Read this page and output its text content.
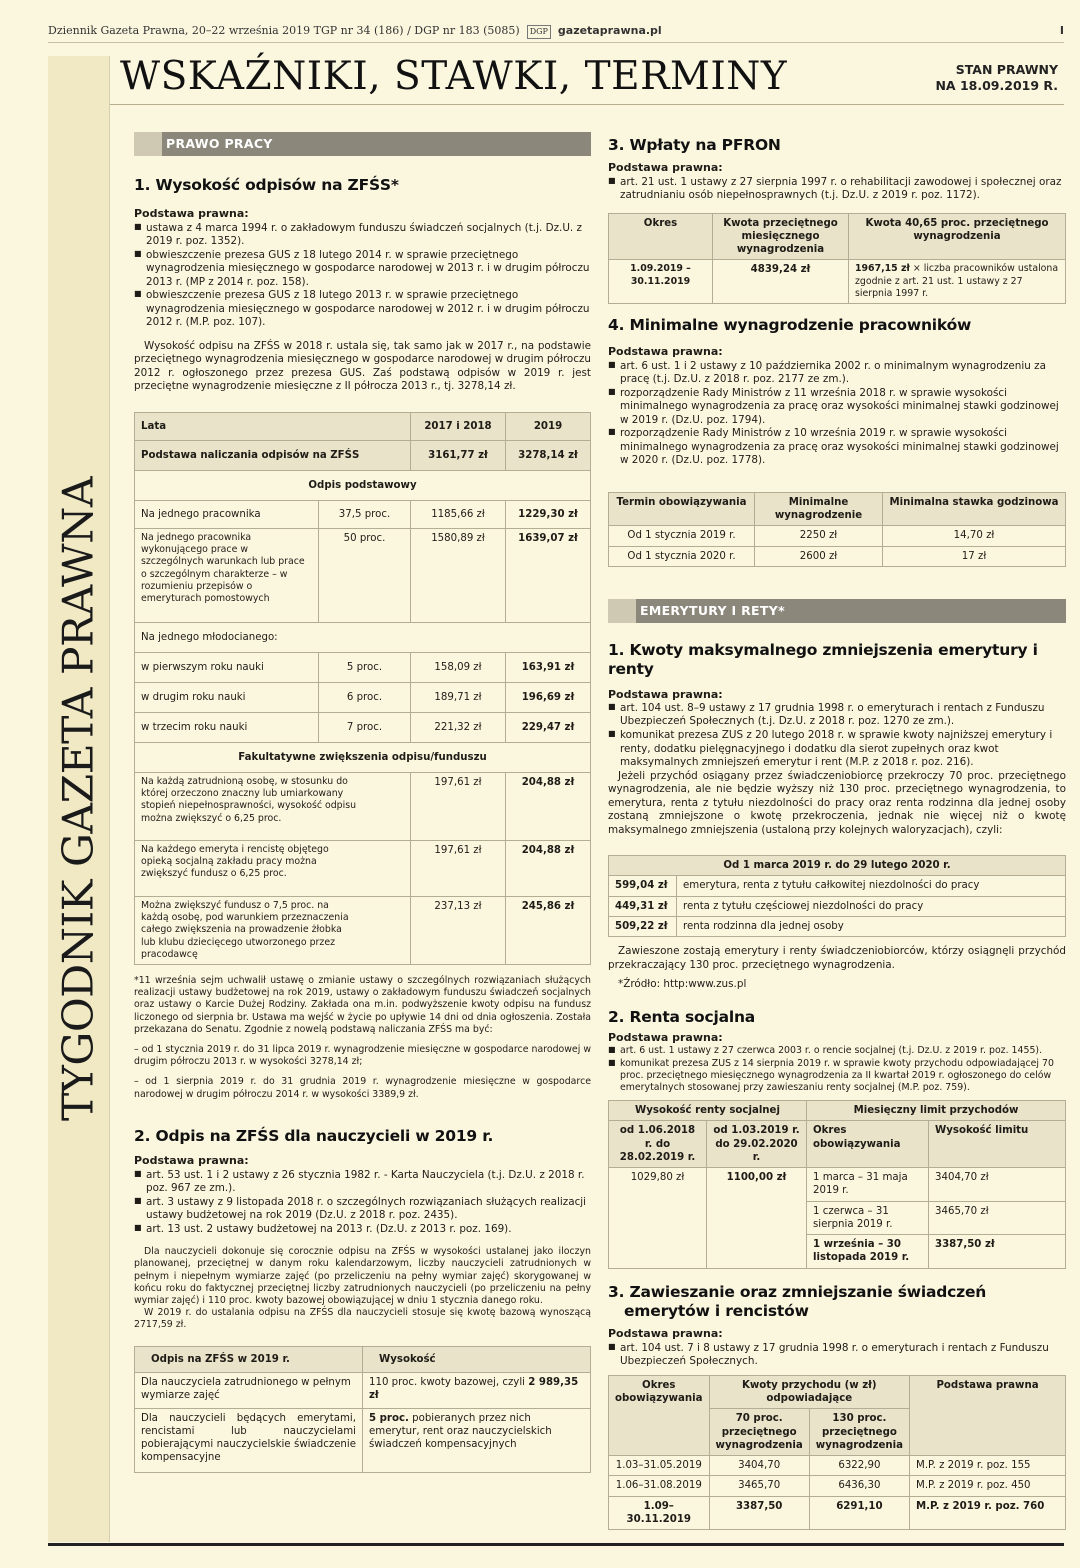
Dziennik Gazeta Prawna, 20–22 września 2019 TGP nr 34 (186) / DGP nr 183 (5085)	DGP gazetaprawna.pl	I
TYGODNIK GAZETA PRAWNA
WSKAŹNIKI, STAWKI, TERMINY	STAN PRAWNY
NA 18.09.2019 R.
PRAWO PRACY
1. Wysokość odpisów na ZFŚS*
Podstawa prawna:
■ ustawa z 4 marca 1994 r. o zakładowym funduszu świadczeń socjalnych (t.j. Dz.U. z 2019 r. poz. 1352).
■ obwieszczenie prezesa GUS z 18 lutego 2014 r. w sprawie przeciętnego wynagrodzenia miesięcznego w gospodarce narodowej w 2013 r. i w drugim półroczu 2013 r. (MP z 2014 r. poz. 158).
■ obwieszczenie prezesa GUS z 18 lutego 2013 r. w sprawie przeciętnego wynagrodzenia miesięcznego w gospodarce narodowej w 2012 r. i w drugim półroczu 2012 r. (M.P. poz. 107).

Wysokość odpisu na ZFŚS w 2018 r. ustala się, tak samo jak w 2017 r., na podstawie przeciętnego wynagrodzenia miesięcznego w gospodarce narodowej w drugim półroczu 2012 r. ogłoszonego przez prezesa GUS. Zaś podstawą odpisów w 2019 r. jest przeciętne wynagrodzenie miesięczne z II półrocza 2013 r., tj. 3278,14 zł.

Lata		2017 i 2018	2019
Podstawa naliczania odpisów na ZFŚS		3161,77 zł	3278,14 zł
Odpis podstawowy			
Na jednego pracownika	37,5 proc.	1185,66 zł	1229,30 zł
Na jednego pracownika wykonującego prace w szczególnych warunkach lub prace o szczególnym charakterze – w rozumieniu przepisów o emeryturach pomostowych	50 proc.	1580,89 zł	1639,07 zł
Na jednego młodocianego:			
w pierwszym roku nauki	5 proc.	158,09 zł	163,91 zł
w drugim roku nauki	6 proc.	189,71 zł	196,69 zł
w trzecim roku nauki	7 proc.	221,32 zł	229,47 zł
Fakultatywne zwiększenia odpisu/funduszu			
Na każdą zatrudnioną osobę, w stosunku do której orzeczono znaczny lub umiarkowany stopień niepełnosprawności, wysokość odpisu można zwiększyć o 6,25 proc.		197,61 zł	204,88 zł
Na każdego emeryta i rencistę objętego opieką socjalną zakładu pracy można zwiększyć fundusz o 6,25 proc.		197,61 zł	204,88 zł
Można zwiększyć fundusz o 7,5 proc. na każdą osobę, pod warunkiem przeznaczenia całego zwiększenia na prowadzenie żłobka lub klubu dziecięcego utworzonego przez pracodawcę		237,13 zł	245,86 zł

*11 września sejm uchwalił ustawę o zmianie ustawy o szczególnych rozwiązaniach służących realizacji ustawy budżetowej na rok 2019, ustawy o zakładowym funduszu świadczeń socjalnych oraz ustawy o Karcie Dużej Rodziny. Zakłada ona m.in. podwyższenie kwoty odpisu na fundusz liczonego od sierpnia br. Ustawa ma wejść w życie po upływie 14 dni od dnia ogłoszenia. Została przekazana do Senatu. Zgodnie z nowelą podstawą naliczania ZFŚS ma być:

– od 1 stycznia 2019 r. do 31 lipca 2019 r. wynagrodzenie miesięczne w gospodarce narodowej w drugim półroczu 2013 r. w wysokości 3278,14 zł;

– od 1 sierpnia 2019 r. do 31 grudnia 2019 r. wynagrodzenie miesięczne w gospodarce narodowej w drugim półroczu 2014 r. w wysokości 3389,9 zł.

2. Odpis na ZFŚS dla nauczycieli w 2019 r.
Podstawa prawna:
■ art. 53 ust. 1 i 2 ustawy z 26 stycznia 1982 r. - Karta Nauczyciela (t.j. Dz.U. z 2018 r. poz. 967 ze zm.).
■ art. 3 ustawy z 9 listopada 2018 r. o szczególnych rozwiązaniach służących realizacji ustawy budżetowej na rok 2019 (Dz.U. z 2018 r. poz. 2435).
■ art. 13 ust. 2 ustawy budżetowej na 2013 r. (Dz.U. z 2013 r. poz. 169).

Dla nauczycieli dokonuje się corocznie odpisu na ZFŚS w wysokości ustalanej jako iloczyn planowanej, przeciętnej w danym roku kalendarzowym, liczby nauczycieli zatrudnionych w pełnym i niepełnym wymiarze zajęć (po przeliczeniu na pełny wymiar zajęć) skorygowanej w końcu roku do faktycznej przeciętnej liczby zatrudnionych nauczycieli (po przeliczeniu na pełny wymiar zajęć) i 110 proc. kwoty bazowej obowiązującej w dniu 1 stycznia danego roku.

W 2019 r. do ustalania odpisu na ZFŚS dla nauczycieli stosuje się kwotę bazową wynoszącą 2717,59 zł.

Odpis na ZFŚS w 2019 r.	Wysokość
Dla nauczyciela zatrudnionego w pełnym wymiarze zajęć	110 proc. kwoty bazowej, czyli 2 989,35 zł
Dla nauczycieli będących emerytami, rencistami lub nauczycielami pobierającymi nauczycielskie świadczenie kompensacyjne	5 proc. pobieranych przez nich emerytur, rent oraz nauczycielskich świadczeń kompensacyjnych
3. Wpłaty na PFRON
Podstawa prawna:
■ art. 21 ust. 1 ustawy z 27 sierpnia 1997 r. o rehabilitacji zawodowej i społecznej oraz zatrudnianiu osób niepełnosprawnych (t.j. Dz.U. z 2019 r. poz. 1172).
Okres	Kwota przeciętnego miesięcznego wynagrodzenia	Kwota 40,65 proc. przeciętnego wynagrodzenia
1.09.2019 –30.11.2019	4839,24 zł	1967,15 zł × liczba pracowników ustalona zgodnie z art. 21 ust. 1 ustawy z 27 sierpnia 1997 r.
4. Minimalne wynagrodzenie pracowników
Podstawa prawna:
■ art. 6 ust. 1 i 2 ustawy z 10 października 2002 r. o minimalnym wynagrodzeniu za pracę (t.j. Dz.U. z 2018 r. poz. 2177 ze zm.).
■ rozporządzenie Rady Ministrów z 11 września 2018 r. w sprawie wysokości minimalnego wynagrodzenia za pracę oraz wysokości minimalnej stawki godzinowej w 2019 r. (Dz.U. poz. 1794).
■ rozporządzenie Rady Ministrów z 10 września 2019 r. w sprawie wysokości minimalnego wynagrodzenia za pracę oraz wysokości minimalnej stawki godzinowej w 2020 r. (Dz.U. poz. 1778).
Termin obowiązywania	Minimalne wynagrodzenie	Minimalna stawka godzinowa
Od 1 stycznia 2019 r.	2250 zł	14,70 zł
Od 1 stycznia 2020 r.	2600 zł	17 zł
EMERYTURY I RETY*
1. Kwoty maksymalnego zmniejszenia emerytury i renty
Podstawa prawna:
■ art. 104 ust. 8–9 ustawy z 17 grudnia 1998 r. o emeryturach i rentach z Funduszu Ubezpieczeń Społecznych (t.j. Dz.U. z 2018 r. poz. 1270 ze zm.).
■ komunikat prezesa ZUS z 20 lutego 2018 r. w sprawie kwoty najniższej emerytury i renty, dodatku pielęgnacyjnego i dodatku dla sierot zupełnych oraz kwot maksymalnych zmniejszeń emerytur i rent (M.P. z 2018 r. poz. 216).

Jeżeli przychód osiągany przez świadczeniobiorcę przekroczy 70 proc. przeciętnego wynagrodzenia, ale nie będzie wyższy niż 130 proc. przeciętnego wynagrodzenia, to emerytura, renta z tytułu niezdolności do pracy oraz renta rodzinna dla jednej osoby zostaną zmniejszone o kwotę przekroczenia, jednak nie więcej niż o kwotę maksymalnego zmniejszenia (ustaloną przy kolejnych waloryzacjach), czyli:

Od 1 marca 2019 r. do 29 lutego 2020 r.	
599,04 zł	emerytura, renta z tytułu całkowitej niezdolności do pracy
449,31 zł	renta z tytułu częściowej niezdolności do pracy
509,22 zł	renta rodzinna dla jednej osoby

Zawieszone zostają emerytury i renty świadczeniobiorców, którzy osiągnęli przychód przekraczający 130 proc. przeciętnego wynagrodzenia.

*Źródło: http:www.zus.pl

2. Renta socjalna
Podstawa prawna:
■ art. 6 ust. 1 ustawy z 27 czerwca 2003 r. o rencie socjalnej (t.j. Dz.U. z 2019 r. poz. 1455).
■ komunikat prezesa ZUS z 14 sierpnia 2019 r. w sprawie kwoty przychodu odpowiadającej 70 proc. przeciętnego miesięcznego wynagrodzenia za II kwartał 2019 r. ogłoszonego do celów emerytalnych stosowanej przy zawieszaniu renty socjalnej (M.P. poz. 759).
Wysokość renty socjalnej		Miesięczny limit przychodów	
od 1.06.2018 r. do 28.02.2019 r.	od 1.03.2019 r. do 29.02.2020 r.	Okres obowiązywania	Wysokość limitu
1029,80 zł	1100,00 zł	1 marca – 31 maja 2019 r.	3404,70 zł
		1 czerwca – 31 sierpnia 2019 r.	3465,70 zł
		1 września – 30 listopada 2019 r.	3387,50 zł
3. Zawieszanie oraz zmniejszanie świadczeń
emerytów i rencistów
Podstawa prawna:
■ art. 104 ust. 7 i 8 ustawy z 17 grudnia 1998 r. o emeryturach i rentach z Funduszu Ubezpieczeń Społecznych.
Okres obowiązywania	Kwoty przychodu (w zł) odpowiadające		Podstawa prawna
	70 proc. przeciętnego wynagrodzenia	130 proc. przeciętnego wynagrodzenia	
1.03–31.05.2019	3404,70	6322,90	M.P. z 2019 r. poz. 155
1.06–31.08.2019	3465,70	6436,30	M.P. z 2019 r. poz. 450
1.09–30.11.2019	3387,50	6291,10	M.P. z 2019 r. poz. 760
